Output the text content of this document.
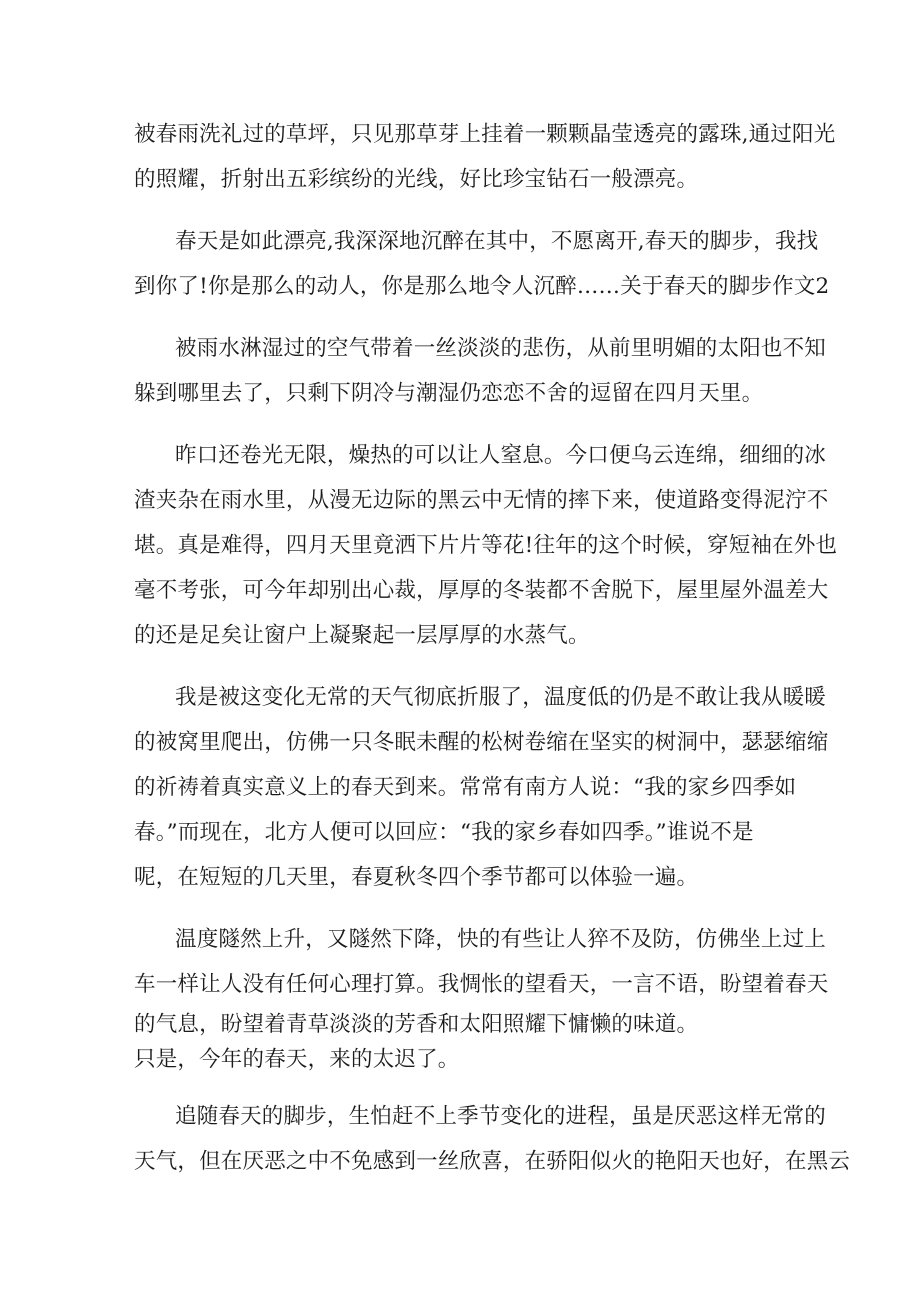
被春雨洗礼过的草坪，只见那草芽上挂着一颗颗晶莹透亮的露珠,通过阳光
的照耀，折射出五彩缤纷的光线，好比珍宝钻石一般漂亮。
春天是如此漂亮,我深深地沉醉在其中，不愿离开,春天的脚步，我找
到你了!你是那么的动人，你是那么地令人沉醉……关于春天的脚步作文2
被雨水淋湿过的空气带着一丝淡淡的悲伤，从前里明媚的太阳也不知
躲到哪里去了，只剩下阴冷与潮湿仍恋恋不舍的逗留在四月天里。
昨口还卷光无限，燥热的可以让人窒息。今口便乌云连绵，细细的冰
渣夹杂在雨水里，从漫无边际的黑云中无情的摔下来，使道路变得泥泞不
堪。真是难得，四月天里竟洒下片片等花!往年的这个时候，穿短袖在外也
毫不考张，可今年却别出心裁，厚厚的冬装都不舍脱下，屋里屋外温差大
的还是足矣让窗户上凝聚起一层厚厚的水蒸气。
我是被这变化无常的天气彻底折服了，温度低的仍是不敢让我从暖暖
的被窝里爬出，仿佛一只冬眠未醒的松树卷缩在坚实的树洞中，瑟瑟缩缩
的祈祷着真实意义上的春天到来。常常有南方人说：“我的家乡四季如
春。”而现在，北方人便可以回应：“我的家乡春如四季。”谁说不是
呢，在短短的几天里，春夏秋冬四个季节都可以体验一遍。
温度隧然上升，又隧然下降，快的有些让人猝不及防，仿佛坐上过上
车一样让人没有任何心理打算。我惆怅的望看天，一言不语，盼望着春天
的气息，盼望着青草淡淡的芳香和太阳照耀下慵懒的味道。
只是，今年的春天，来的太迟了。
追随春天的脚步，生怕赶不上季节变化的进程，虽是厌恶这样无常的
天气，但在厌恶之中不免感到一丝欣喜，在骄阳似火的艳阳天也好，在黑云
